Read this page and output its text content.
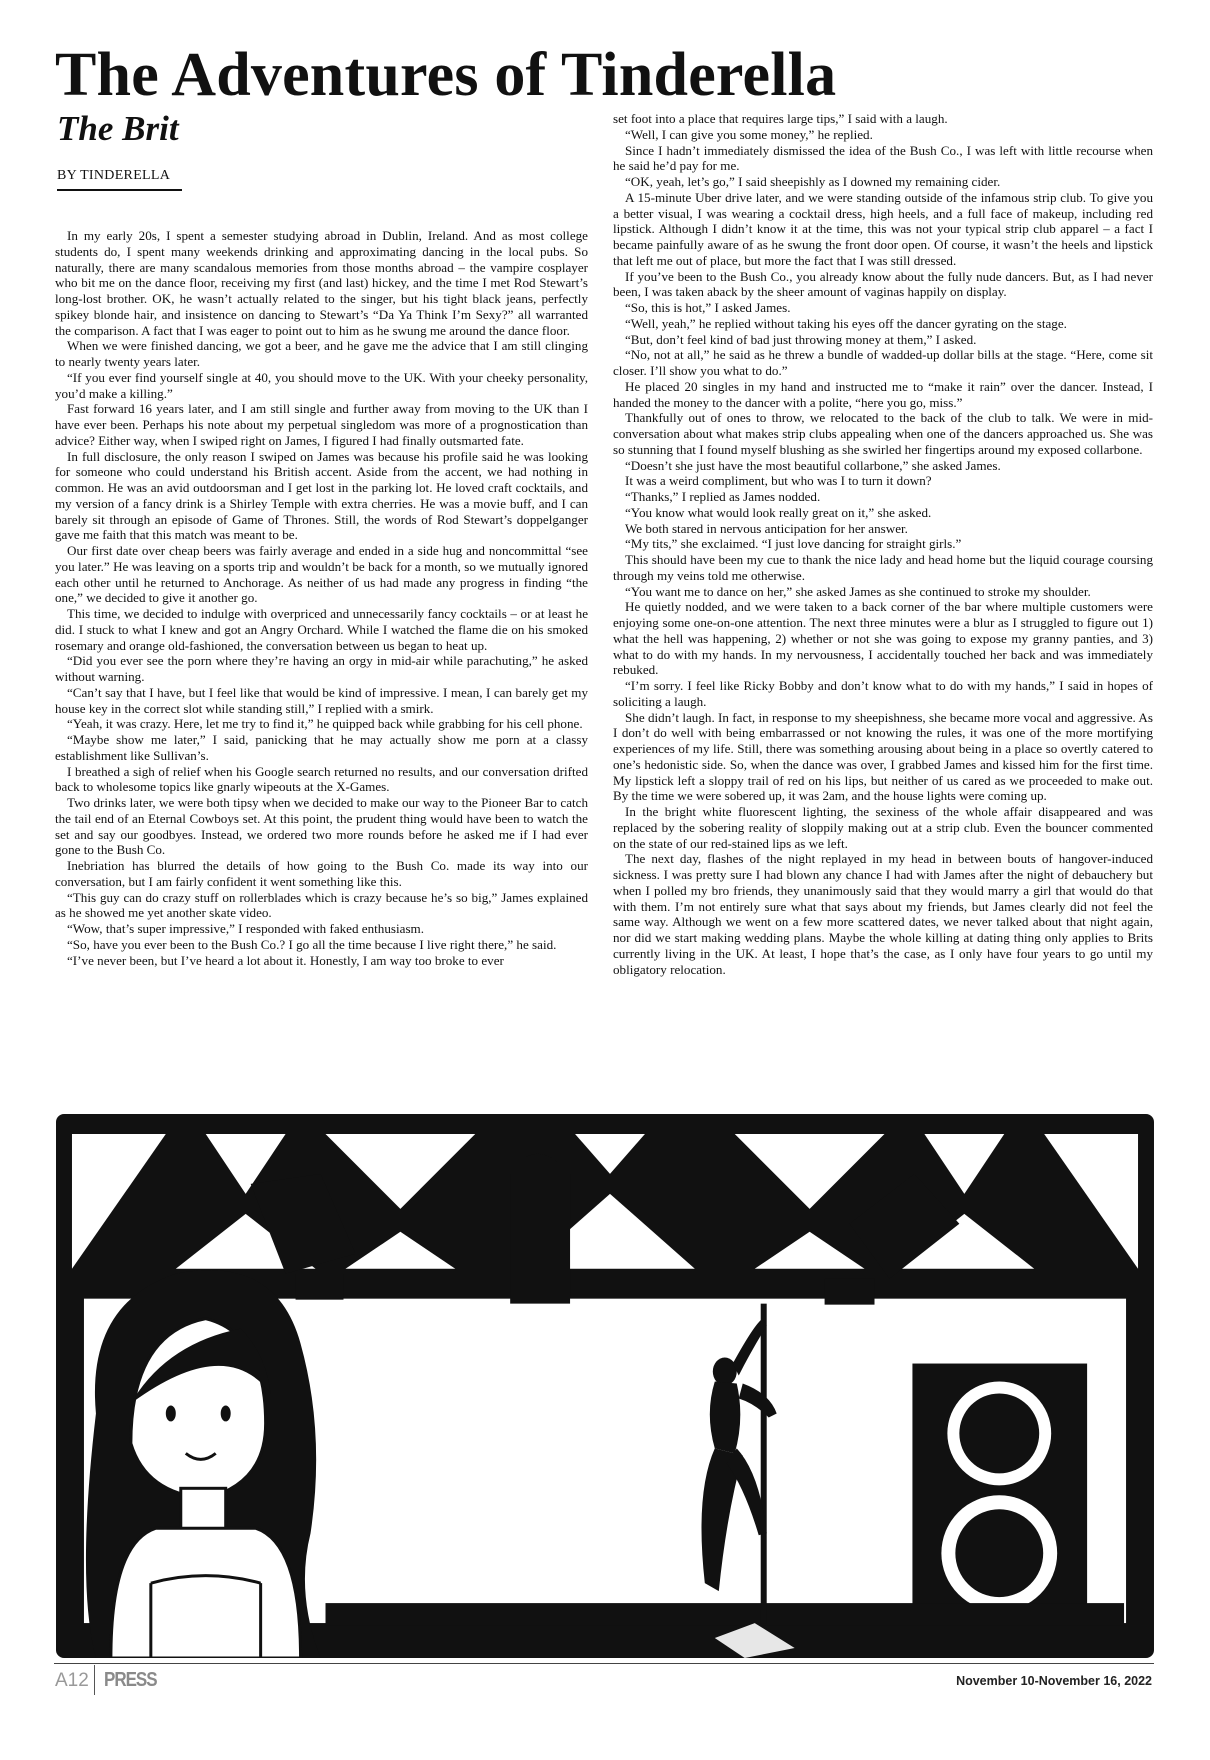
The Adventures of Tinderella
The Brit
BY TINDERELLA

In my early 20s, I spent a semester studying abroad in Dublin, Ireland. And as most college students do, I spent many weekends drinking and approximating dancing in the local pubs. So naturally, there are many scandalous memories from those months abroad – the vampire cosplayer who bit me on the dance floor, receiving my first (and last) hickey, and the time I met Rod Stewart’s long-lost brother. OK, he wasn’t actually related to the singer, but his tight black jeans, perfectly spikey blonde hair, and insistence on dancing to Stewart’s “Da Ya Think I’m Sexy?” all warranted the comparison. A fact that I was eager to point out to him as he swung me around the dance floor.

When we were finished dancing, we got a beer, and he gave me the advice that I am still clinging to nearly twenty years later.

“If you ever find yourself single at 40, you should move to the UK. With your cheeky personality, you’d make a killing.”

Fast forward 16 years later, and I am still single and further away from moving to the UK than I have ever been. Perhaps his note about my perpetual singledom was more of a prognostication than advice? Either way, when I swiped right on James, I figured I had finally outsmarted fate.

In full disclosure, the only reason I swiped on James was because his profile said he was looking for someone who could understand his British accent. Aside from the accent, we had nothing in common. He was an avid outdoorsman and I get lost in the parking lot. He loved craft cocktails, and my version of a fancy drink is a Shirley Temple with extra cherries. He was a movie buff, and I can barely sit through an episode of Game of Thrones. Still, the words of Rod Stewart’s doppelganger gave me faith that this match was meant to be.

Our first date over cheap beers was fairly average and ended in a side hug and noncommittal “see you later.” He was leaving on a sports trip and wouldn’t be back for a month, so we mutually ignored each other until he returned to Anchorage. As neither of us had made any progress in finding “the one,” we decided to give it another go.

This time, we decided to indulge with overpriced and unnecessarily fancy cocktails – or at least he did. I stuck to what I knew and got an Angry Orchard. While I watched the flame die on his smoked rosemary and orange old-fashioned, the conversation between us began to heat up.

“Did you ever see the porn where they’re having an orgy in mid-air while parachuting,” he asked without warning.

“Can’t say that I have, but I feel like that would be kind of impressive. I mean, I can barely get my house key in the correct slot while standing still,” I replied with a smirk.

“Yeah, it was crazy. Here, let me try to find it,” he quipped back while grabbing for his cell phone.

“Maybe show me later,” I said, panicking that he may actually show me porn at a classy establishment like Sullivan’s.

I breathed a sigh of relief when his Google search returned no results, and our conversation drifted back to wholesome topics like gnarly wipeouts at the X-Games.

Two drinks later, we were both tipsy when we decided to make our way to the Pioneer Bar to catch the tail end of an Eternal Cowboys set. At this point, the prudent thing would have been to watch the set and say our goodbyes. Instead, we ordered two more rounds before he asked me if I had ever gone to the Bush Co.

Inebriation has blurred the details of how going to the Bush Co. made its way into our conversation, but I am fairly confident it went something like this.

“This guy can do crazy stuff on rollerblades which is crazy because he’s so big,” James explained as he showed me yet another skate video.

“Wow, that’s super impressive,” I responded with faked enthusiasm.

“So, have you ever been to the Bush Co.? I go all the time because I live right there,” he said.

“I’ve never been, but I’ve heard a lot about it. Honestly, I am way too broke to ever

set foot into a place that requires large tips,” I said with a laugh.

“Well, I can give you some money,” he replied.

Since I hadn’t immediately dismissed the idea of the Bush Co., I was left with little recourse when he said he’d pay for me.

“OK, yeah, let’s go,” I said sheepishly as I downed my remaining cider.

A 15-minute Uber drive later, and we were standing outside of the infamous strip club. To give you a better visual, I was wearing a cocktail dress, high heels, and a full face of makeup, including red lipstick. Although I didn’t know it at the time, this was not your typical strip club apparel – a fact I became painfully aware of as he swung the front door open. Of course, it wasn’t the heels and lipstick that left me out of place, but more the fact that I was still dressed.

If you’ve been to the Bush Co., you already know about the fully nude dancers. But, as I had never been, I was taken aback by the sheer amount of vaginas happily on display.

“So, this is hot,” I asked James.

“Well, yeah,” he replied without taking his eyes off the dancer gyrating on the stage.

“But, don’t feel kind of bad just throwing money at them,” I asked.

“No, not at all,” he said as he threw a bundle of wadded-up dollar bills at the stage. “Here, come sit closer. I’ll show you what to do.”

He placed 20 singles in my hand and instructed me to “make it rain” over the dancer. Instead, I handed the money to the dancer with a polite, “here you go, miss.”

Thankfully out of ones to throw, we relocated to the back of the club to talk. We were in mid-conversation about what makes strip clubs appealing when one of the dancers approached us. She was so stunning that I found myself blushing as she swirled her fingertips around my exposed collarbone.

“Doesn’t she just have the most beautiful collarbone,” she asked James.

It was a weird compliment, but who was I to turn it down?

“Thanks,” I replied as James nodded.

“You know what would look really great on it,” she asked.

We both stared in nervous anticipation for her answer.

“My tits,” she exclaimed. “I just love dancing for straight girls.”

This should have been my cue to thank the nice lady and head home but the liquid courage coursing through my veins told me otherwise.

“You want me to dance on her,” she asked James as she continued to stroke my shoulder.

He quietly nodded, and we were taken to a back corner of the bar where multiple customers were enjoying some one-on-one attention. The next three minutes were a blur as I struggled to figure out 1) what the hell was happening, 2) whether or not she was going to expose my granny panties, and 3) what to do with my hands. In my nervousness, I accidentally touched her back and was immediately rebuked.

“I’m sorry. I feel like Ricky Bobby and don’t know what to do with my hands,” I said in hopes of soliciting a laugh.

She didn’t laugh. In fact, in response to my sheepishness, she became more vocal and aggressive. As I don’t do well with being embarrassed or not knowing the rules, it was one of the more mortifying experiences of my life. Still, there was something arousing about being in a place so overtly catered to one’s hedonistic side. So, when the dance was over, I grabbed James and kissed him for the first time. My lipstick left a sloppy trail of red on his lips, but neither of us cared as we proceeded to make out. By the time we were sobered up, it was 2am, and the house lights were coming up.

In the bright white fluorescent lighting, the sexiness of the whole affair disappeared and was replaced by the sobering reality of sloppily making out at a strip club. Even the bouncer commented on the state of our red-stained lips as we left.

The next day, flashes of the night replayed in my head in between bouts of hangover-induced sickness. I was pretty sure I had blown any chance I had with James after the night of debauchery but when I polled my bro friends, they unanimously said that they would marry a girl that would do that with them. I’m not entirely sure what that says about my friends, but James clearly did not feel the same way. Although we went on a few more scattered dates, we never talked about that night again, nor did we start making wedding plans. Maybe the whole killing at dating thing only applies to Brits currently living in the UK. At least, I hope that’s the case, as I only have four years to go until my obligatory relocation.

A12 PRESS	November 10-November 16, 2022
